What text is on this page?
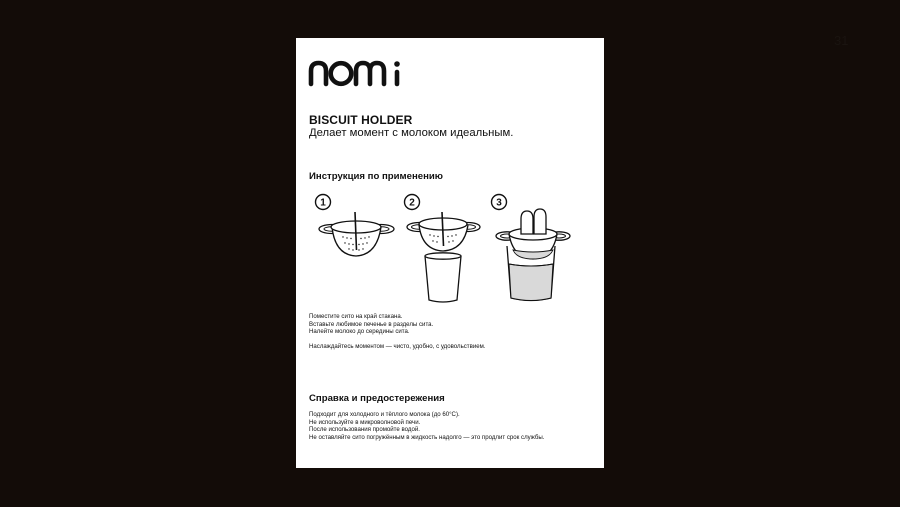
31
BISCUIT HOLDER
Делает момент с молоком идеальным.
Инструкция по применению
1	2	3
Поместите сито на край стакана.
Вставьте любимое печенье в разделы сита.
Налейте молоко до середины сита.
Наслаждайтесь моментом — чисто, удобно, с удовольствием.
Справка и предостережения
Подходит для холодного и тёплого молока (до 60°C).
Не используйте в микроволновой печи.
После использования промойте водой.
Не оставляйте сито погружённым в жидкость надолго — это продлит срок службы.
